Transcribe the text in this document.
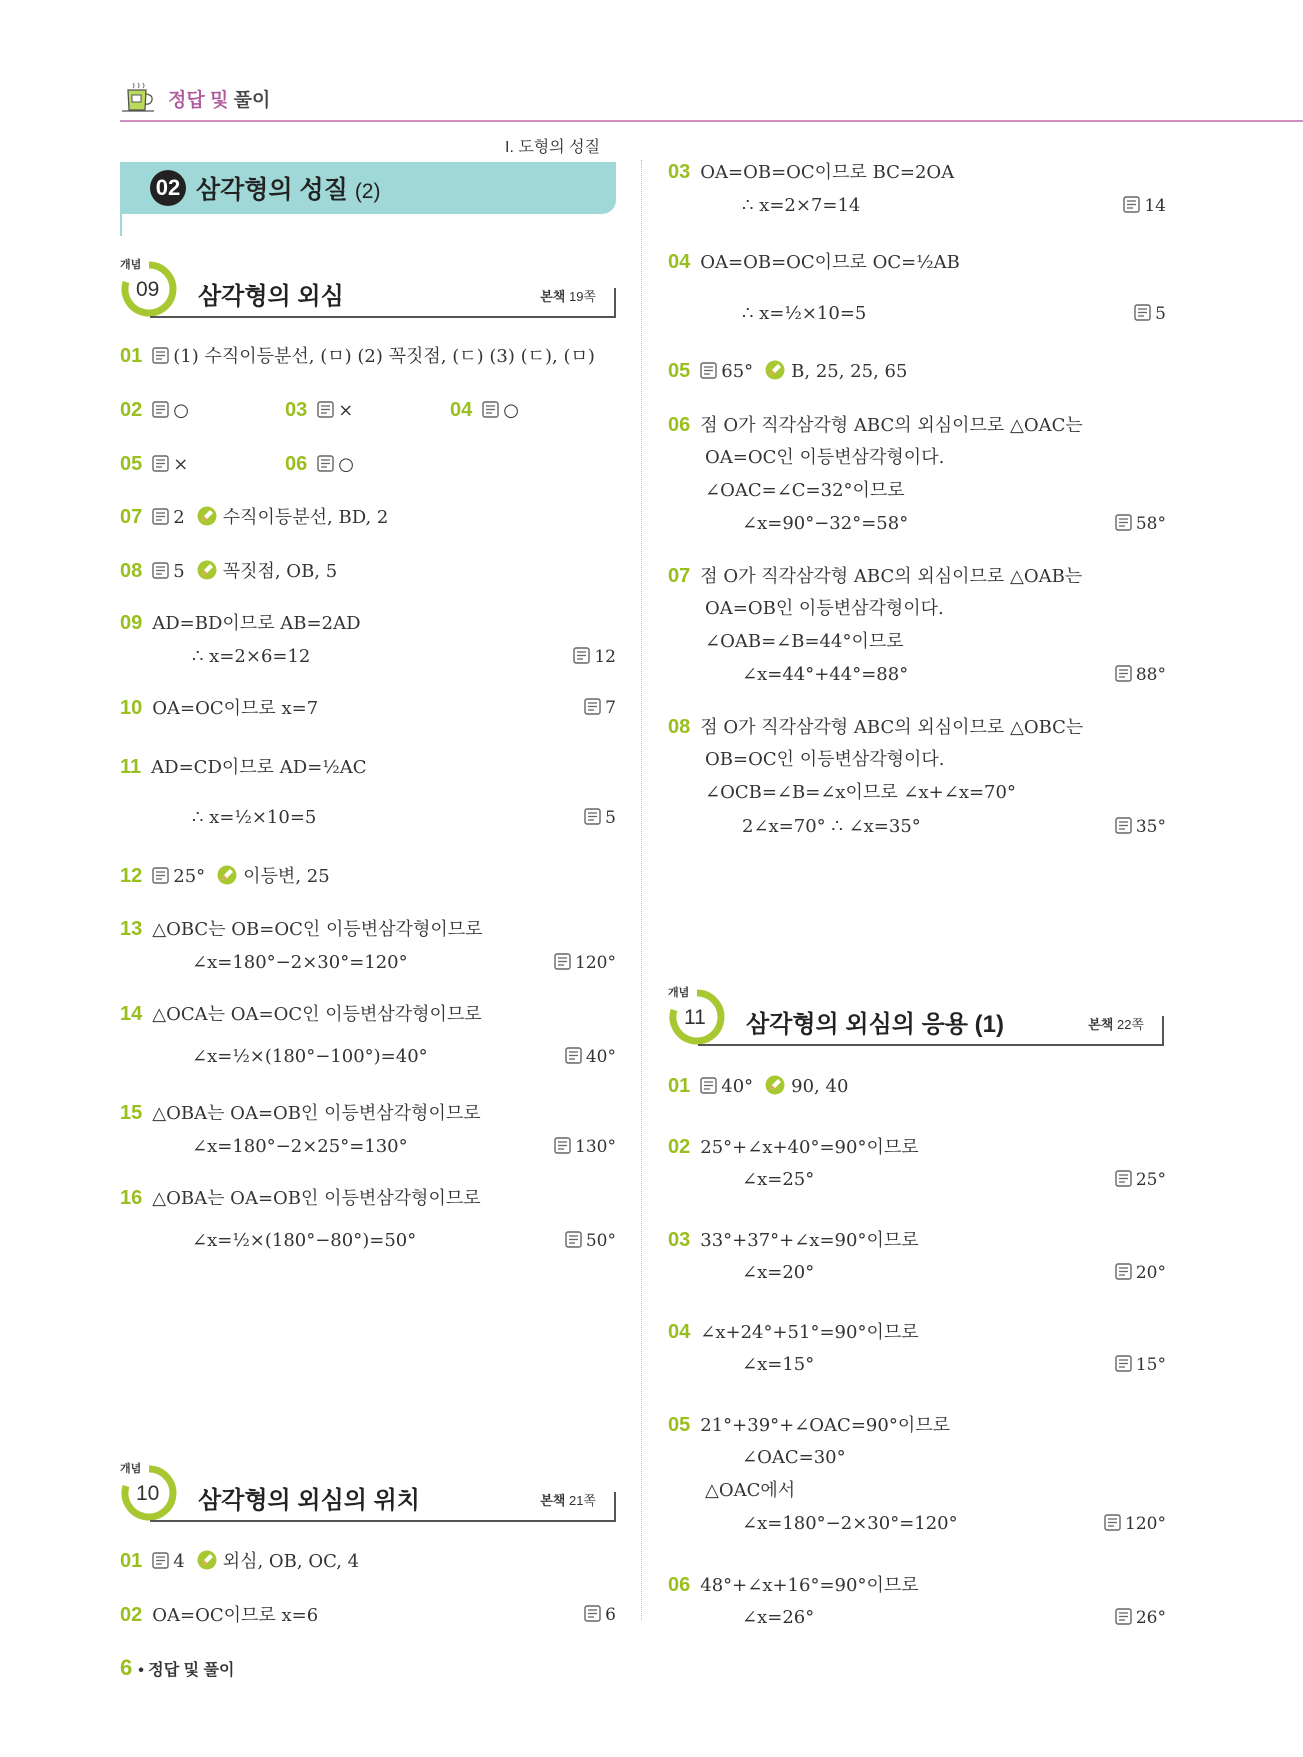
정답 및 풀이
I. 도형의 성질
02 삼각형의 성질 (2)
개념
09 삼각형의 외심	본책 19쪽
개념
10 삼각형의 외심의 위치	본책 21쪽
개념
11 삼각형의 외심의 응용 (1)	본책 22쪽
01 (1) 수직이등분선, (ㅁ) (2) 꼭짓점, (ㄷ) (3) (ㄷ), (ㅁ)
02 ○	03 ×	04 ○
05 ×	06 ○
07 2 수직이등분선, BD, 2
08 5 꼭짓점, OB, 5
09 AD=BD이므로 AB=2AD
∴ x=2×6=12	12
10 OA=OC이므로 x=7	7
11 AD=CD이므로 AD=½AC
∴ x=½×10=5	5
12 25° 이등변, 25
13 △OBC는 OB=OC인 이등변삼각형이므로
∠x=180°−2×30°=120°	120°
14 △OCA는 OA=OC인 이등변삼각형이므로
∠x=½×(180°−100°)=40°	40°
15 △OBA는 OA=OB인 이등변삼각형이므로
∠x=180°−2×25°=130°	130°
16 △OBA는 OA=OB인 이등변삼각형이므로
∠x=½×(180°−80°)=50°	50°
01 4 외심, OB, OC, 4
02 OA=OC이므로 x=6	6
03 OA=OB=OC이므로 BC=2OA
∴ x=2×7=14	14
04 OA=OB=OC이므로 OC=½AB
∴ x=½×10=5	5
05 65° B, 25, 25, 65
06 점 O가 직각삼각형 ABC의 외심이므로 △OAC는
OA=OC인 이등변삼각형이다.
∠OAC=∠C=32°이므로
∠x=90°−32°=58°	58°
07 점 O가 직각삼각형 ABC의 외심이므로 △OAB는
OA=OB인 이등변삼각형이다.
∠OAB=∠B=44°이므로
∠x=44°+44°=88°	88°
08 점 O가 직각삼각형 ABC의 외심이므로 △OBC는
OB=OC인 이등변삼각형이다.
∠OCB=∠B=∠x이므로 ∠x+∠x=70°
2∠x=70° ∴ ∠x=35°	35°
01 40° 90, 40
02 25°+∠x+40°=90°이므로
∠x=25°	25°
03 33°+37°+∠x=90°이므로
∠x=20°	20°
04 ∠x+24°+51°=90°이므로
∠x=15°	15°
05 21°+39°+∠OAC=90°이므로
∠OAC=30°
△OAC에서
∠x=180°−2×30°=120°	120°
06 48°+∠x+16°=90°이므로
∠x=26°	26°
6 • 정답 및 풀이
